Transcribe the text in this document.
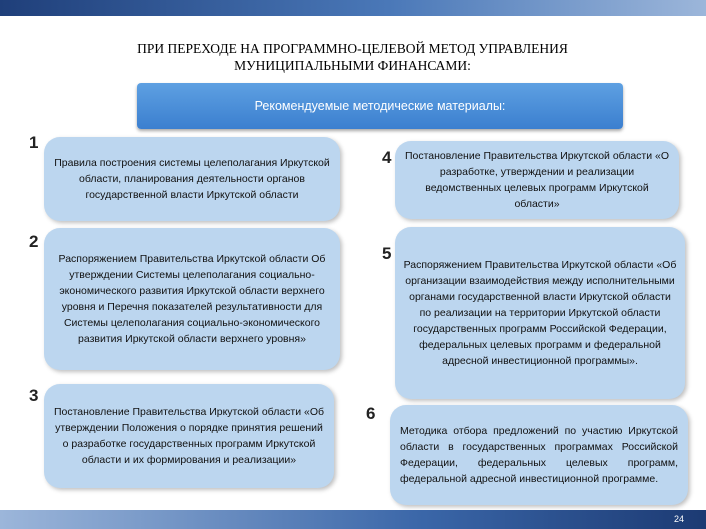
ПРИ ПЕРЕХОДЕ НА ПРОГРАММНО-ЦЕЛЕВОЙ МЕТОД УПРАВЛЕНИЯ
МУНИЦИПАЛЬНЫМИ ФИНАНСАМИ:
Рекомендуемые методические материалы:
1
Правила построения системы целеполагания Иркутской области, планирования деятельности органов государственной власти Иркутской области
2
Распоряжением Правительства Иркутской области Об утверждении Системы целеполагания социально-экономического развития Иркутской области верхнего уровня и Перечня показателей результативности для Системы целеполагания социально-экономического развития Иркутской области верхнего уровня»
3
Постановление Правительства Иркутской области «Об утверждении Положения о порядке принятия решений о разработке государственных программ Иркутской области и их формирования и реализации»
4 Постановление Правительства Иркутской области «О разработке, утверждении и реализации ведомственных целевых программ Иркутской области»
5
Распоряжением Правительства Иркутской области «Об организации взаимодействия между исполнительными органами государственной власти Иркутской области по реализации на территории Иркутской области государственных программ Российской Федерации, федеральных целевых программ и федеральной адресной инвестиционной программы».
6
Методика отбора предложений по участию Иркутской области в государственных программах Российской Федерации, федеральных целевых программ, федеральной адресной инвестиционной программе.
24
